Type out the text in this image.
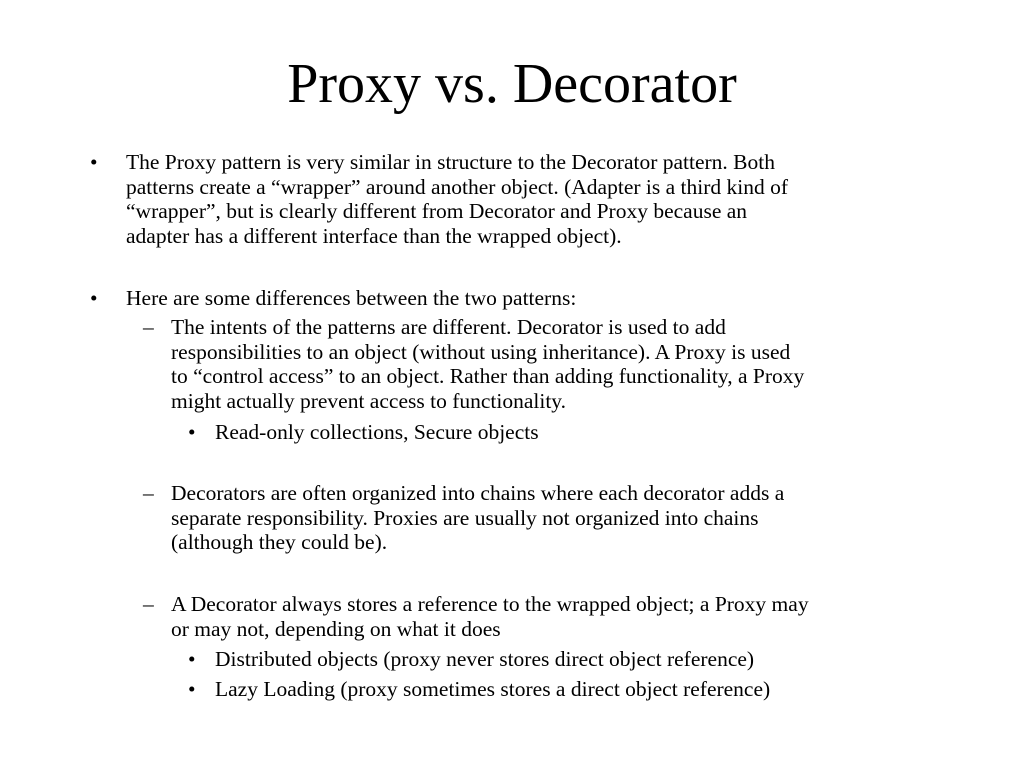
Proxy vs. Decorator
• The Proxy pattern is very similar in structure to the Decorator pattern. Both
patterns create a “wrapper” around another object. (Adapter is a third kind of
“wrapper”, but is clearly different from Decorator and Proxy because an
adapter has a different interface than the wrapped object).
• Here are some differences between the two patterns:
– The intents of the patterns are different. Decorator is used to add
responsibilities to an object (without using inheritance). A Proxy is used
to “control access” to an object. Rather than adding functionality, a Proxy
might actually prevent access to functionality.
• Read-only collections, Secure objects
– Decorators are often organized into chains where each decorator adds a
separate responsibility. Proxies are usually not organized into chains
(although they could be).
– A Decorator always stores a reference to the wrapped object; a Proxy may
or may not, depending on what it does
• Distributed objects (proxy never stores direct object reference)
• Lazy Loading (proxy sometimes stores a direct object reference)
